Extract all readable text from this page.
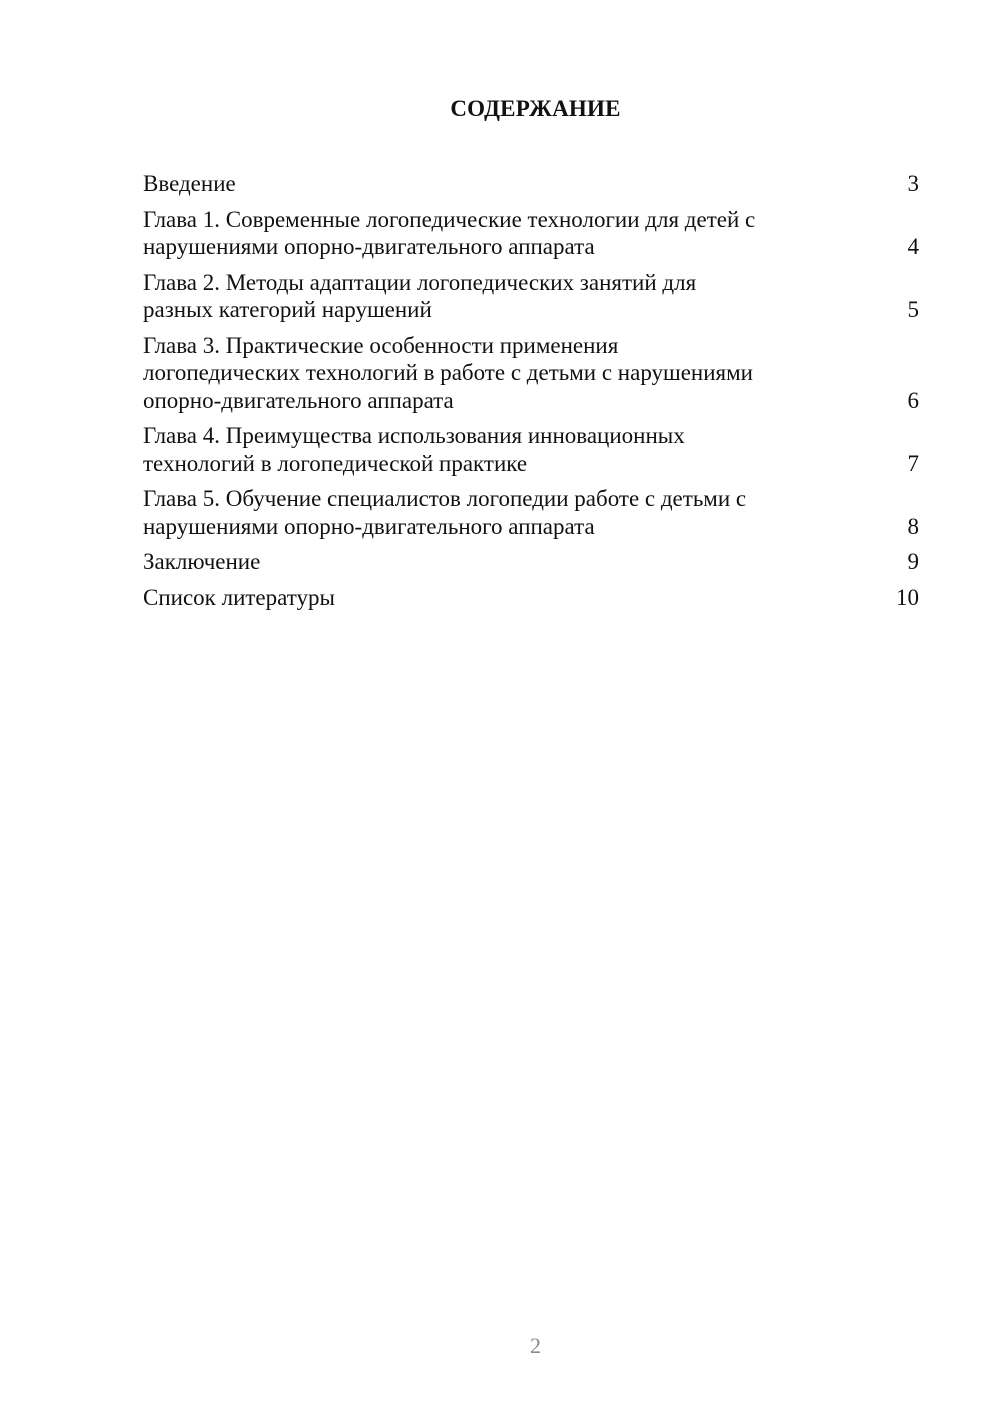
СОДЕРЖАНИЕ
Введение	3
Глава 1. Современные логопедические технологии для детей с
нарушениями опорно-двигательного аппарата	4
Глава 2. Методы адаптации логопедических занятий для
разных категорий нарушений	5
Глава 3. Практические особенности применения
логопедических технологий в работе с детьми с нарушениями
опорно-двигательного аппарата	6
Глава 4. Преимущества использования инновационных
технологий в логопедической практике	7
Глава 5. Обучение специалистов логопедии работе с детьми с
нарушениями опорно-двигательного аппарата	8
Заключение	9
Список литературы	10
2
